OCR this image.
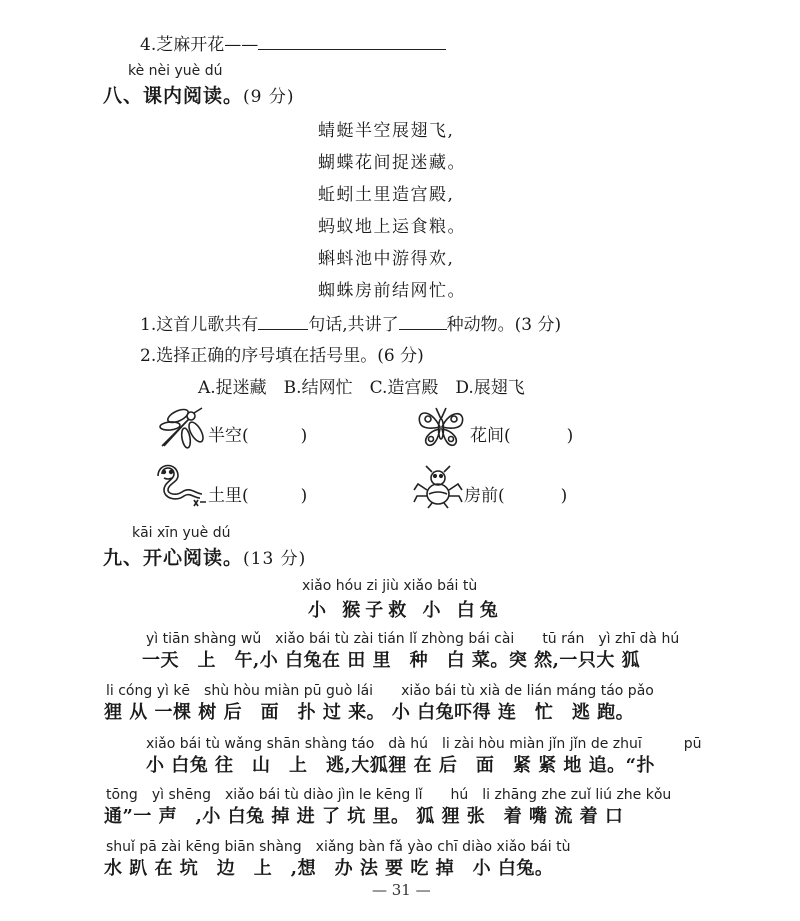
4.芝麻开花——
kè nèi yuè dú
八、课内阅读。(9 分)
蜻蜓半空展翅飞,
蝴蝶花间捉迷藏。
蚯蚓土里造宫殿,
蚂蚁地上运食粮。
蝌蚪池中游得欢,
蜘蛛房前结网忙。
1.这首儿歌共有	句话,共讲了	种动物。(3 分)
2.选择正确的序号填在括号里。(6 分)
A.捉迷藏　B.结网忙　C.造宫殿　D.展翅飞
半空(	)	花间(	)
土里(	)	房前(	)
kāi xīn yuè dú
九、开心阅读。(13 分)
xiǎo hóu zi jiù xiǎo bái tù
小 猴子救 小 白兔
yì tiān shàng wǔ　xiǎo bái tù zài tián lǐ zhòng bái cài　　tū rán　yì zhī dà hú
一天　上　午,小 白兔在 田 里　种　白 菜。突 然,一只大 狐
li cóng yì kē　shù hòu miàn pū guò lái　　xiǎo bái tù xià de lián máng táo pǎo
狸 从 一棵 树 后　面　扑 过 来。 小 白兔吓得 连　忙　逃 跑。
xiǎo bái tù wǎng shān shàng táo　dà hú　li zài hòu miàn jǐn jǐn de zhuī　　　pū
小 白兔 往　山　上　逃,大狐狸 在 后　面　紧 紧 地 追。“扑
tōng　yì shēng　xiǎo bái tù diào jìn le kēng lǐ　　hú　li zhāng zhe zuǐ liú zhe kǒu
通”一 声　,小 白兔 掉 进 了 坑 里。 狐 狸 张　着 嘴 流 着 口
shuǐ pā zài kēng biān shàng　xiǎng bàn fǎ yào chī diào xiǎo bái tù
水 趴 在 坑　边　上　,想　办 法 要 吃 掉　小 白兔。
— 31 —
